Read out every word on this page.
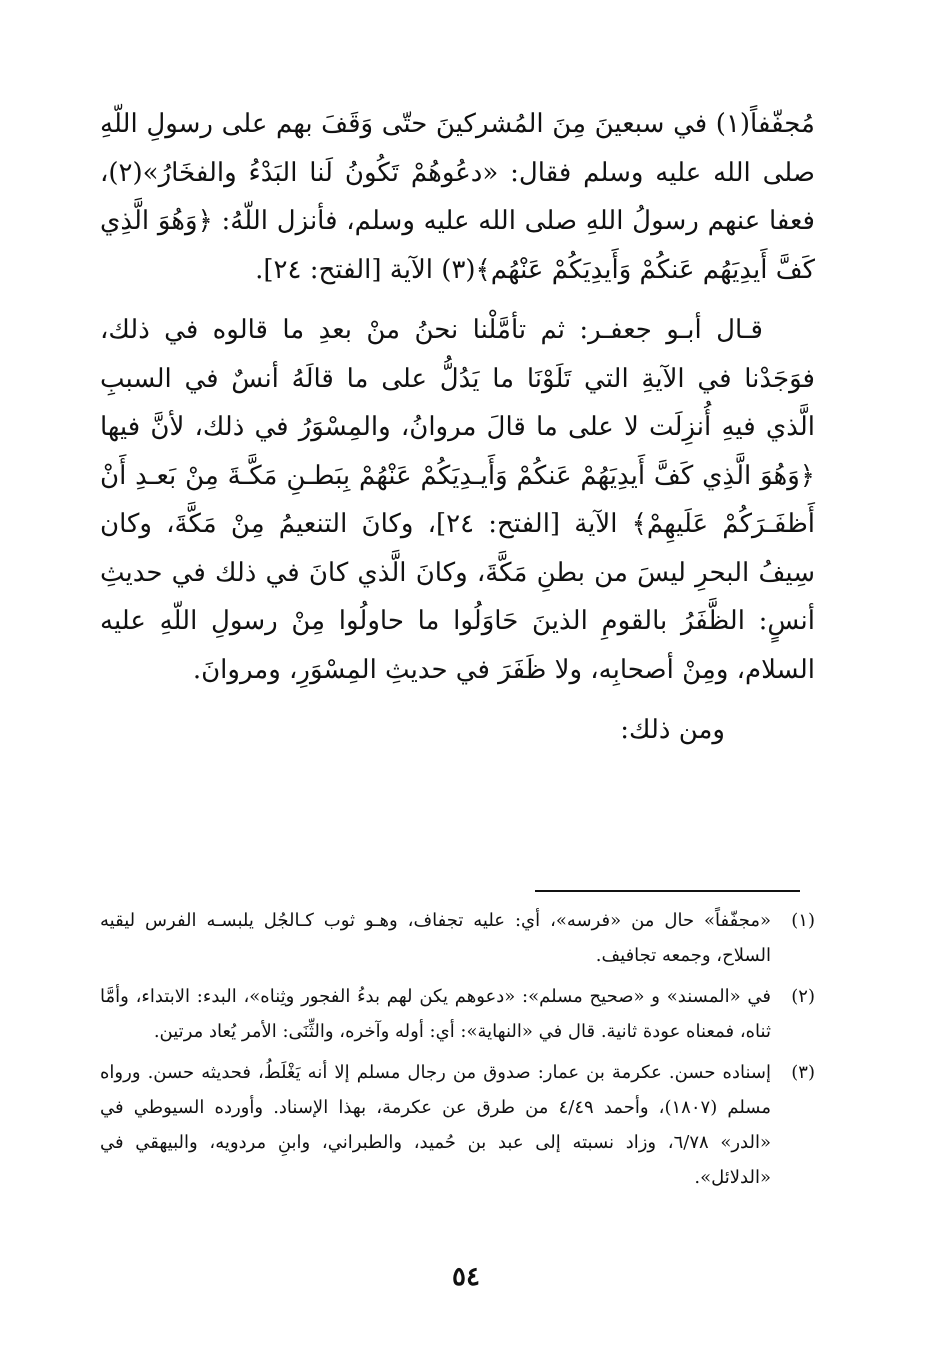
مُجفّفاً(١) في سبعينَ مِنَ المُشركينَ حتّى وَقَفَ بهم على رسولِ اللّهِ صلى الله عليه وسلم فقال: «دعُوهُمْ تَكُونُ لَنا البَدْءُ والفخَارُ»(٢)، فعفا عنهم رسولُ اللهِ صلى الله عليه وسلم، فأنزل اللّهُ: ﴿وَهُوَ الَّذِي كَفَّ أَيدِيَهُم عَنكُمْ وَأَيدِيَكُمْ عَنْهُم﴾(٣) الآية [الفتح: ٢٤].

قـال أبـو جعفـر: ثم تأمَّلْنا نحنُ منْ بعدِ ما قالوه في ذلك، فوَجَدْنا في الآيةِ التي تَلَوْنَا ما يَدُلُّ على ما قالَهُ أنسٌ في السببِ الَّذي فيهِ أُنزِلَت لا على ما قالَ مروانُ، والمِسْوَرُ في ذلك، لأنَّ فيها ﴿وَهُوَ الَّذِي كَفَّ أَيدِيَهُمْ عَنكُمْ وَأَيـدِيَكُمْ عَنْهُمْ بِبَطـنِ مَكَّـةَ مِنْ بَعـدِ أَنْ أَظفَـرَكُمْ عَلَيهِمْ﴾ الآية [الفتح: ٢٤]، وكانَ التنعيمُ مِنْ مَكَّةَ، وكان سِيفُ البحرِ ليسَ من بطنِ مَكَّةَ، وكانَ الَّذي كانَ في ذلك في حديثِ أنسٍ: الظَّفَرُ بالقومِ الذينَ حَاوَلُوا ما حاولُوا مِنْ رسولِ اللّهِ عليه السلام، ومِنْ أصحابِه، ولا ظَفَرَ في حديثِ المِسْوَرِ، ومروانَ.

ومن ذلك:

(١)
«مجفّفاً» حال من «فرسه»، أي: عليه تجفاف، وهـو ثوب كـالجُل يلبسـه الفرس ليقيه السلاح، وجمعه تجافيف.
(٢)
في «المسند» و «صحيح مسلم»: «دعوهم يكن لهم بدءُ الفجور وثِناه»، البدء: الابتداء، وأمَّا ثناه، فمعناه عودة ثانية. قال في «النهاية»: أي: أوله وآخره، والثِّنَى: الأمر يُعاد مرتين.
(٣)
إسناده حسن. عكرمة بن عمار: صدوق من رجال مسلم إلا أنه يَغْلَطُ، فحديثه حسن. ورواه مسلم (١٨٠٧)، وأحمد ٤/٤٩ من طرق عن عكرمة، بهذا الإسناد. وأورده السيوطي في «الدر» ٦/٧٨، وزاد نسبته إلى عبد بن حُميد، والطبراني، وابنِ مردويه، والبيهقي في «الدلائل».
٥٤
